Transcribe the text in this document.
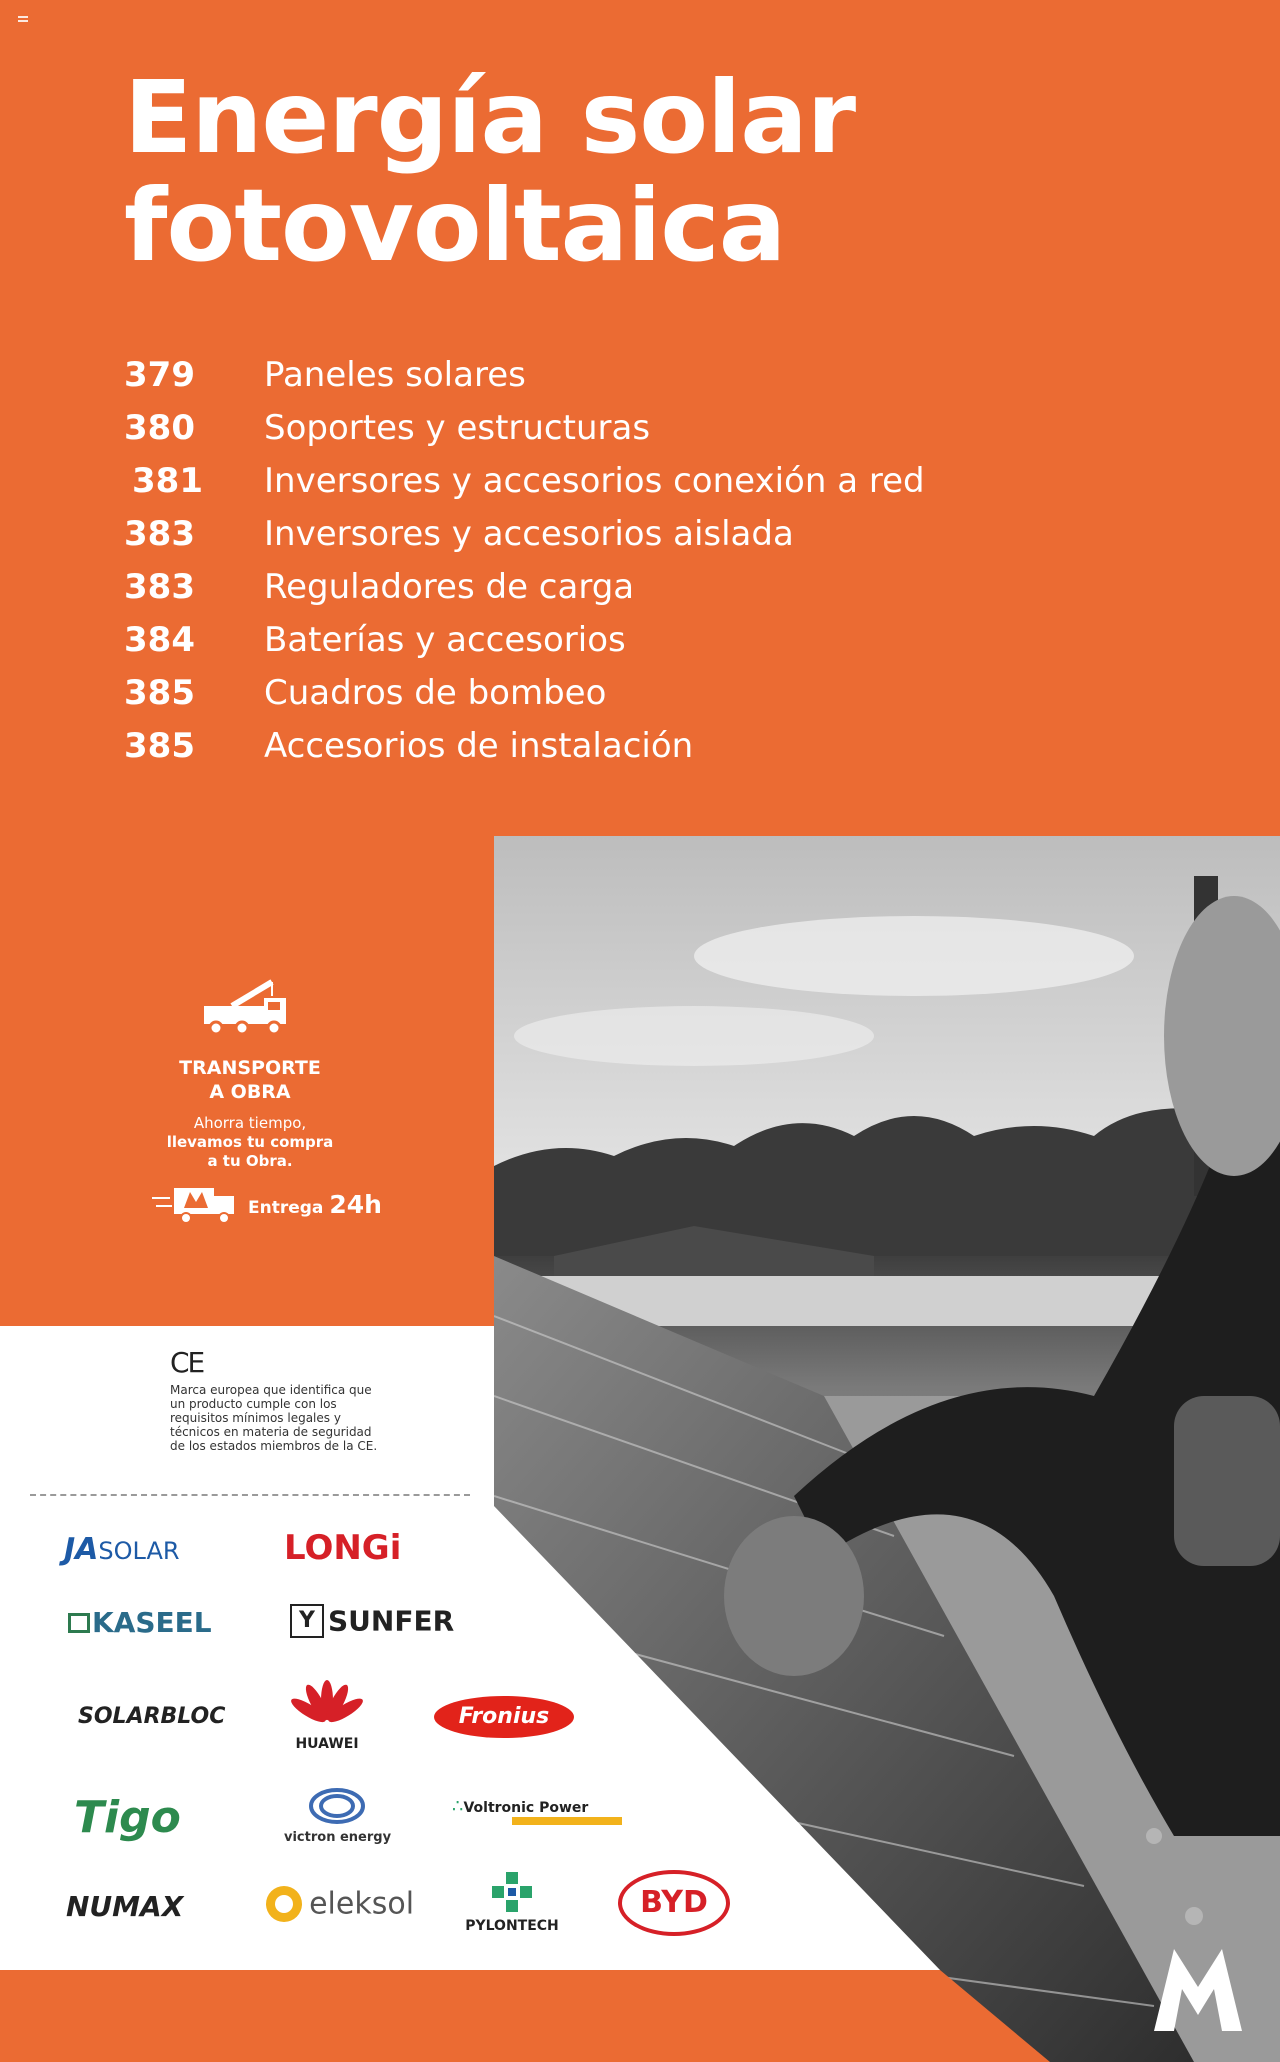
Energía solar
fotovoltaica
379	Paneles solares
380	Soportes y estructuras
381	Inversores y accesorios conexión a red
383	Inversores y accesorios aislada
383	Reguladores de carga
384	Baterías y accesorios
385	Cuadros de bombeo
385	Accesorios de instalación
TRANSPORTE
A OBRA
Ahorra tiempo,
llevamos tu compra
a tu Obra.
Entrega 24h
CE
Marca europea que identifica que un producto cumple con los requisitos mínimos legales y técnicos en materia de seguridad de los estados miembros de la CE.
JASOLAR	LONGi
KASEEL	Y SUNFER
SOLARBLOC
HUAWEI
Fronius
Tigo	victron energy
∴Voltronic Power
NUMAX	eleksol
PYLONTECH
BYD
